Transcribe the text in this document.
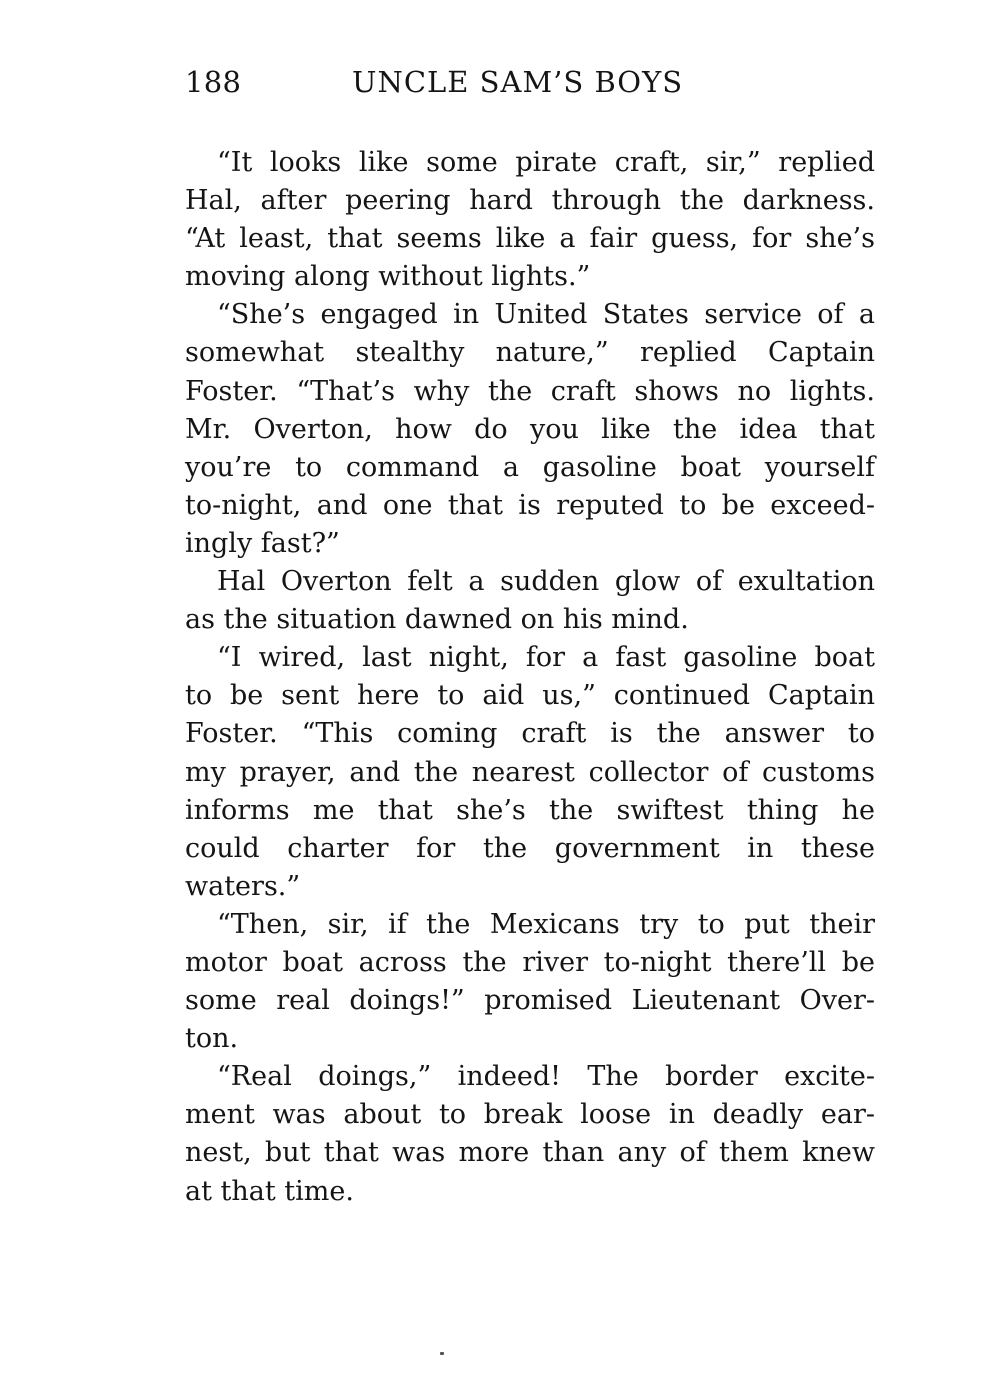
188	UNCLE SAM’S BOYS
“It looks like some pirate craft, sir,” replied
Hal, after peering hard through the darkness.
“At least, that seems like a fair guess, for she’s
moving along without lights.”
“She’s engaged in United States service of a
somewhat stealthy nature,” replied Captain
Foster. “That’s why the craft shows no lights.
Mr. Overton, how do you like the idea that
you’re to command a gasoline boat yourself
to-night, and one that is reputed to be exceed-
ingly fast?”
Hal Overton felt a sudden glow of exultation
as the situation dawned on his mind.
“I wired, last night, for a fast gasoline boat
to be sent here to aid us,” continued Captain
Foster. “This coming craft is the answer to
my prayer, and the nearest collector of customs
informs me that she’s the swiftest thing he
could charter for the government in these
waters.”
“Then, sir, if the Mexicans try to put their
motor boat across the river to-night there’ll be
some real doings!” promised Lieutenant Over-
ton.
“Real doings,” indeed! The border excite-
ment was about to break loose in deadly ear-
nest, but that was more than any of them knew
at that time.
